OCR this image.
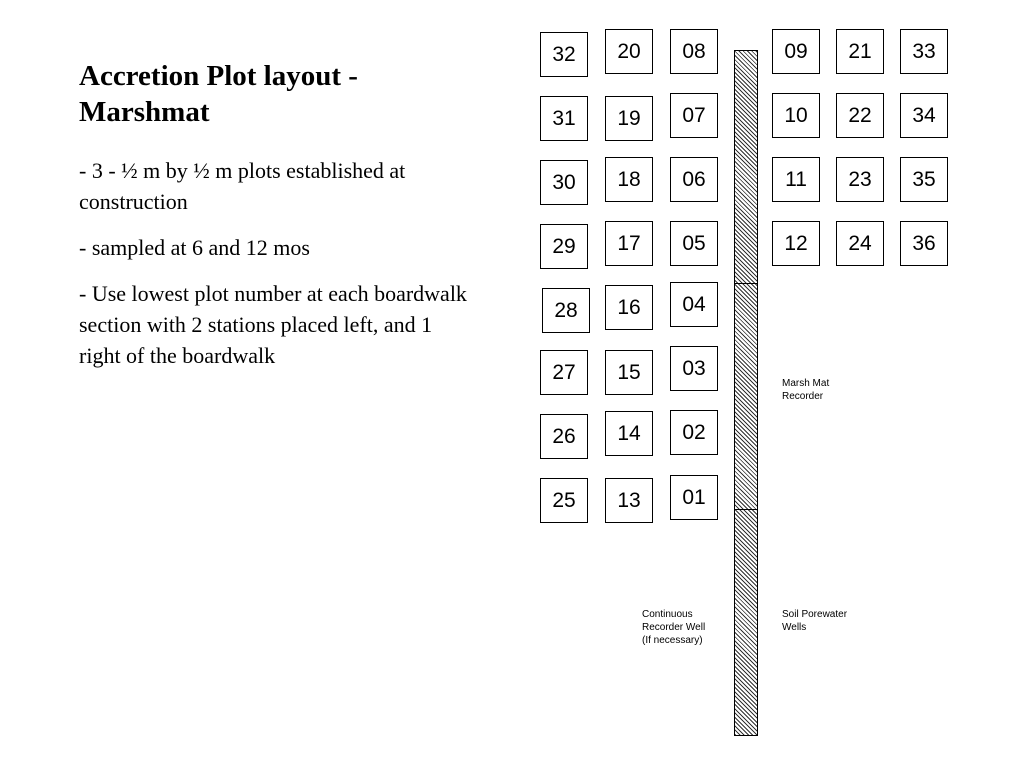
Accretion Plot layout - Marshmat

- 3 - ½ m by ½ m plots established at construction

- sampled at 6 and 12 mos

- Use lowest plot number at each boardwalk section with 2 stations placed left, and 1 right of the boardwalk

32	20	08
31	19	07
30	18	06
29	17	05
28	16	04
27	15	03
26	14	02
25	13	01
09	21	33
10	22	34
11	23	35
12	24	36

Marsh Mat
Recorder

Continuous
Recorder Well
(If necessary)

Soil Porewater
Wells
